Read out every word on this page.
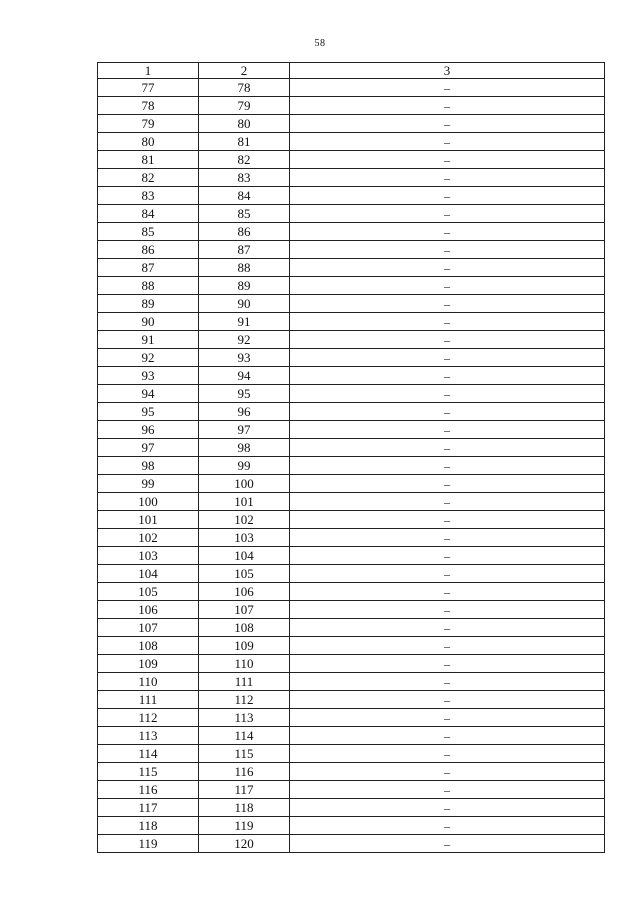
58
1	2	3
77	78	–
78	79	–
79	80	–
80	81	–
81	82	–
82	83	–
83	84	–
84	85	–
85	86	–
86	87	–
87	88	–
88	89	–
89	90	–
90	91	–
91	92	–
92	93	–
93	94	–
94	95	–
95	96	–
96	97	–
97	98	–
98	99	–
99	100	–
100	101	–
101	102	–
102	103	–
103	104	–
104	105	–
105	106	–
106	107	–
107	108	–
108	109	–
109	110	–
110	111	–
111	112	–
112	113	–
113	114	–
114	115	–
115	116	–
116	117	–
117	118	–
118	119	–
119	120	–
